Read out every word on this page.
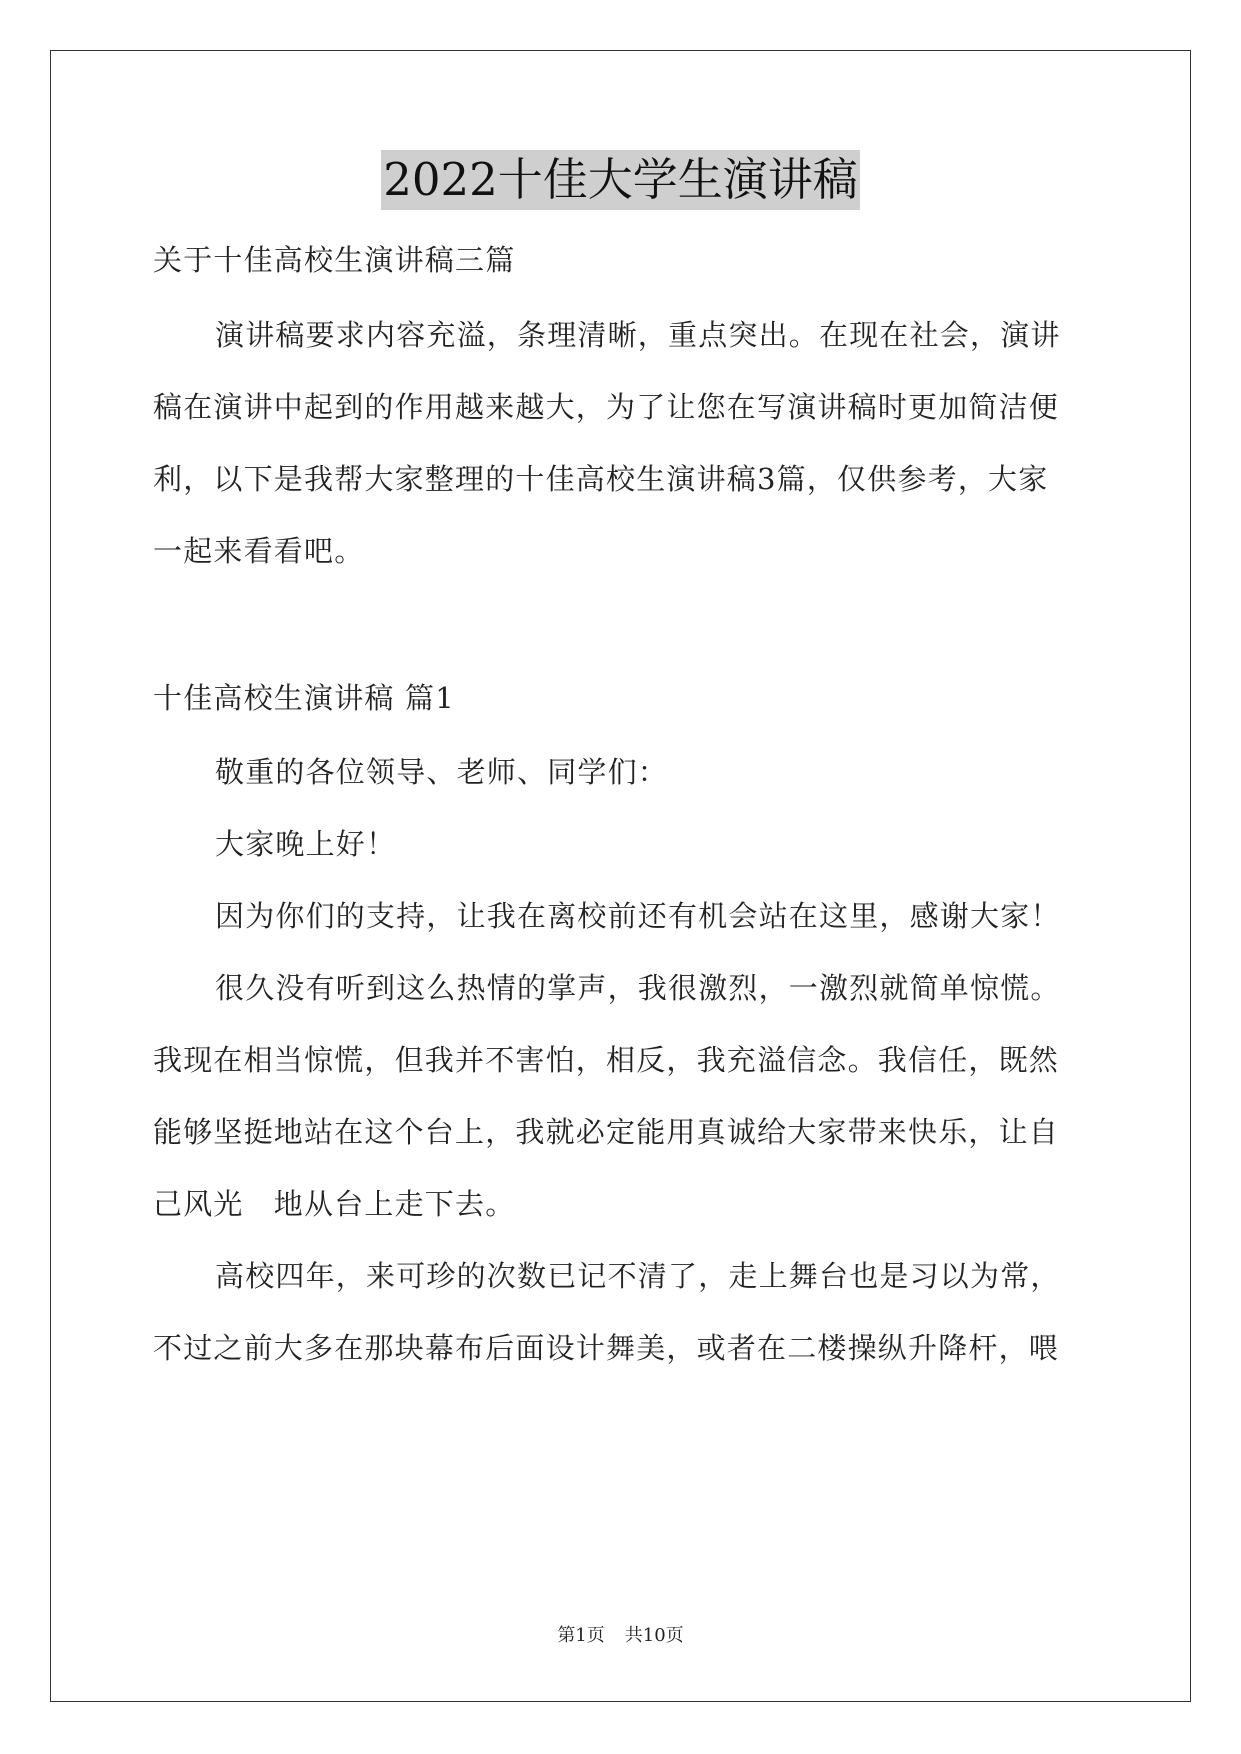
2022十佳大学生演讲稿
关于十佳高校生演讲稿三篇
演讲稿要求内容充溢，条理清晰，重点突出。在现在社会，演讲
稿在演讲中起到的作用越来越大，为了让您在写演讲稿时更加简洁便
利，以下是我帮大家整理的十佳高校生演讲稿3篇，仅供参考，大家
一起来看看吧。
十佳高校生演讲稿 篇1
敬重的各位领导、老师、同学们：
大家晚上好！
因为你们的支持，让我在离校前还有机会站在这里，感谢大家！
很久没有听到这么热情的掌声，我很激烈，一激烈就简单惊慌。
我现在相当惊慌，但我并不害怕，相反，我充溢信念。我信任，既然
能够坚挺地站在这个台上，我就必定能用真诚给大家带来快乐，让自
己风光　地从台上走下去。
高校四年，来可珍的次数已记不清了，走上舞台也是习以为常，
不过之前大多在那块幕布后面设计舞美，或者在二楼操纵升降杆，喂
第1页 共10页
